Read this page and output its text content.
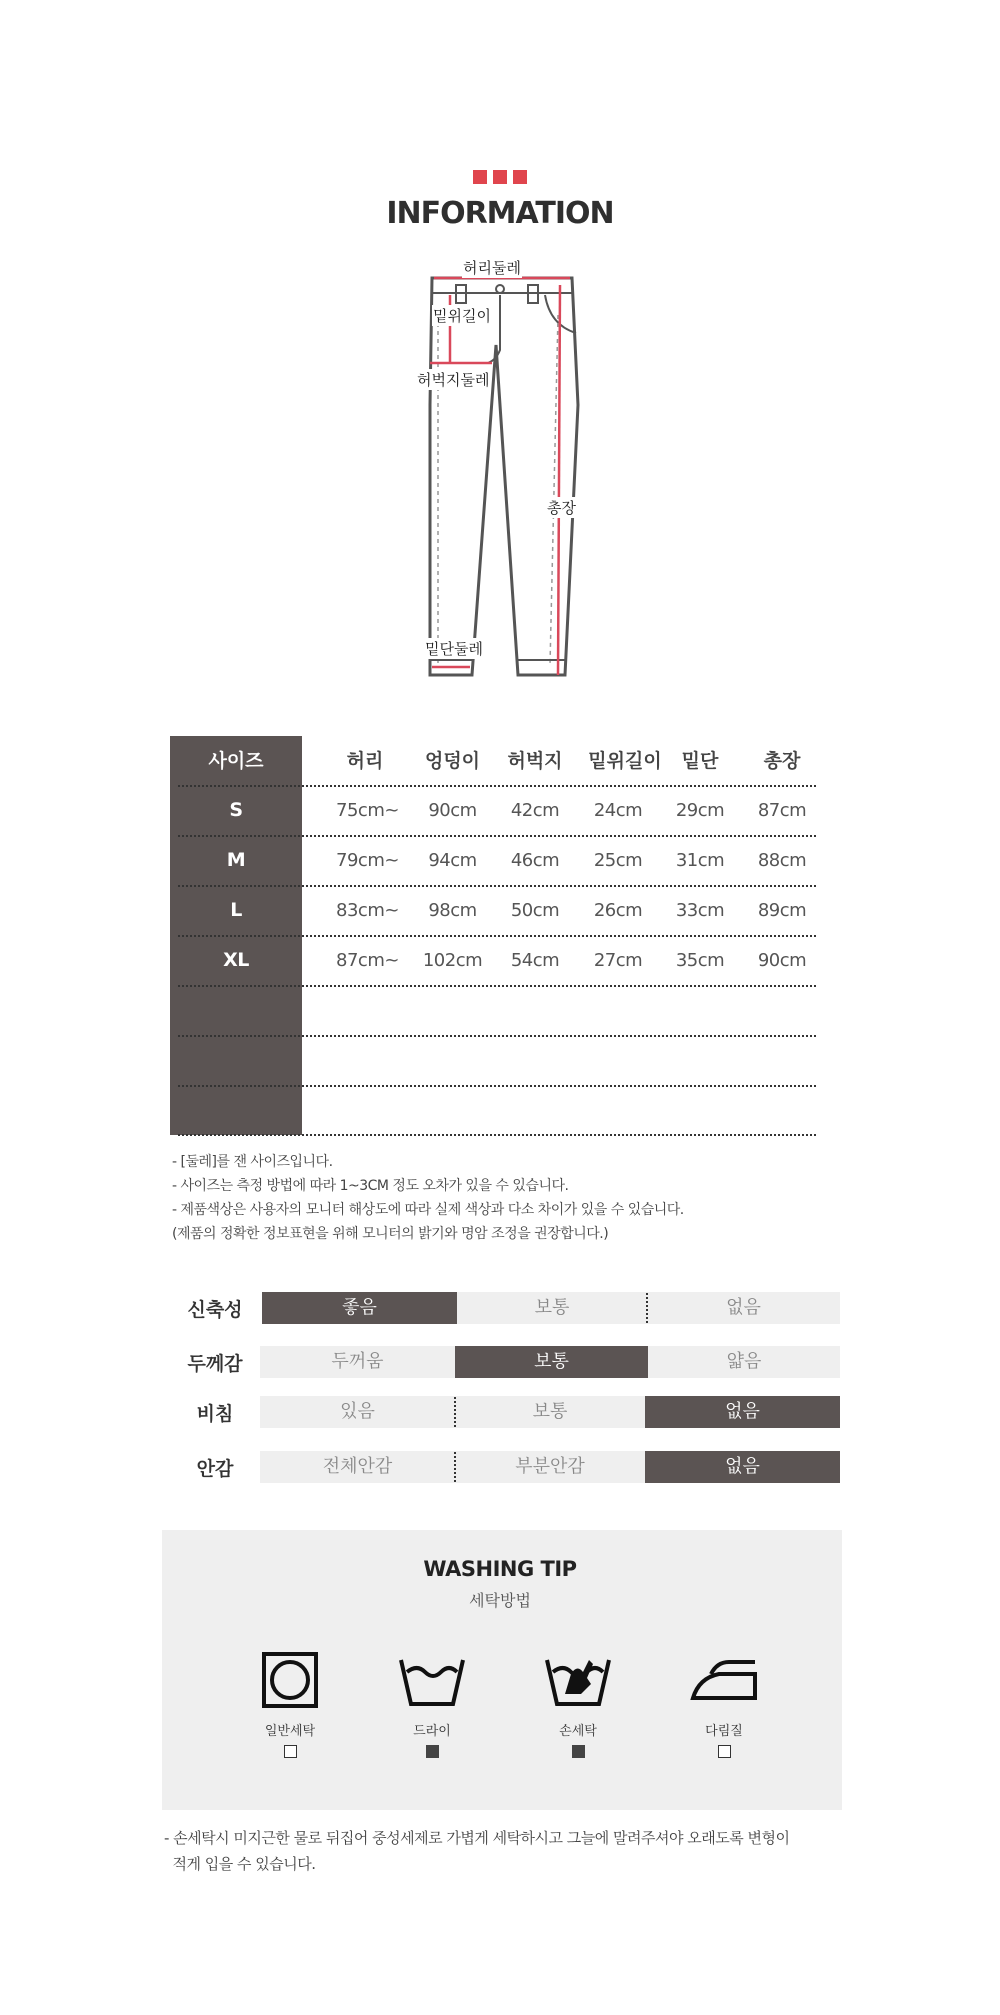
INFORMATION
허리둘레
밑위길이
허벅지둘레
총장
밑단둘레
사이즈	허리	엉덩이	허벅지	밑위길이	밑단	총장
S	75cm~	90cm	42cm	24cm	29cm	87cm
M	79cm~	94cm	46cm	25cm	31cm	88cm
L	83cm~	98cm	50cm	26cm	33cm	89cm
XL	87cm~	102cm	54cm	27cm	35cm	90cm
- [둘레]를 잰 사이즈입니다.
- 사이즈는 측정 방법에 따라 1~3CM 정도 오차가 있을 수 있습니다.
- 제품색상은 사용자의 모니터 해상도에 따라 실제 색상과 다소 차이가 있을 수 있습니다.
(제품의 정확한 정보표현을 위해 모니터의 밝기와 명암 조정을 권장합니다.)
신축성	좋음	보통	없음
두께감	두꺼움	보통	얇음
비침	있음	보통	없음
안감	전체안감	부분안감	없음
WASHING TIP
세탁방법
일반세탁	드라이	손세탁	다림질
- 손세탁시 미지근한 물로 뒤집어 중성세제로 가볍게 세탁하시고 그늘에 말려주셔야 오래도록 변형이
적게 입을 수 있습니다.
